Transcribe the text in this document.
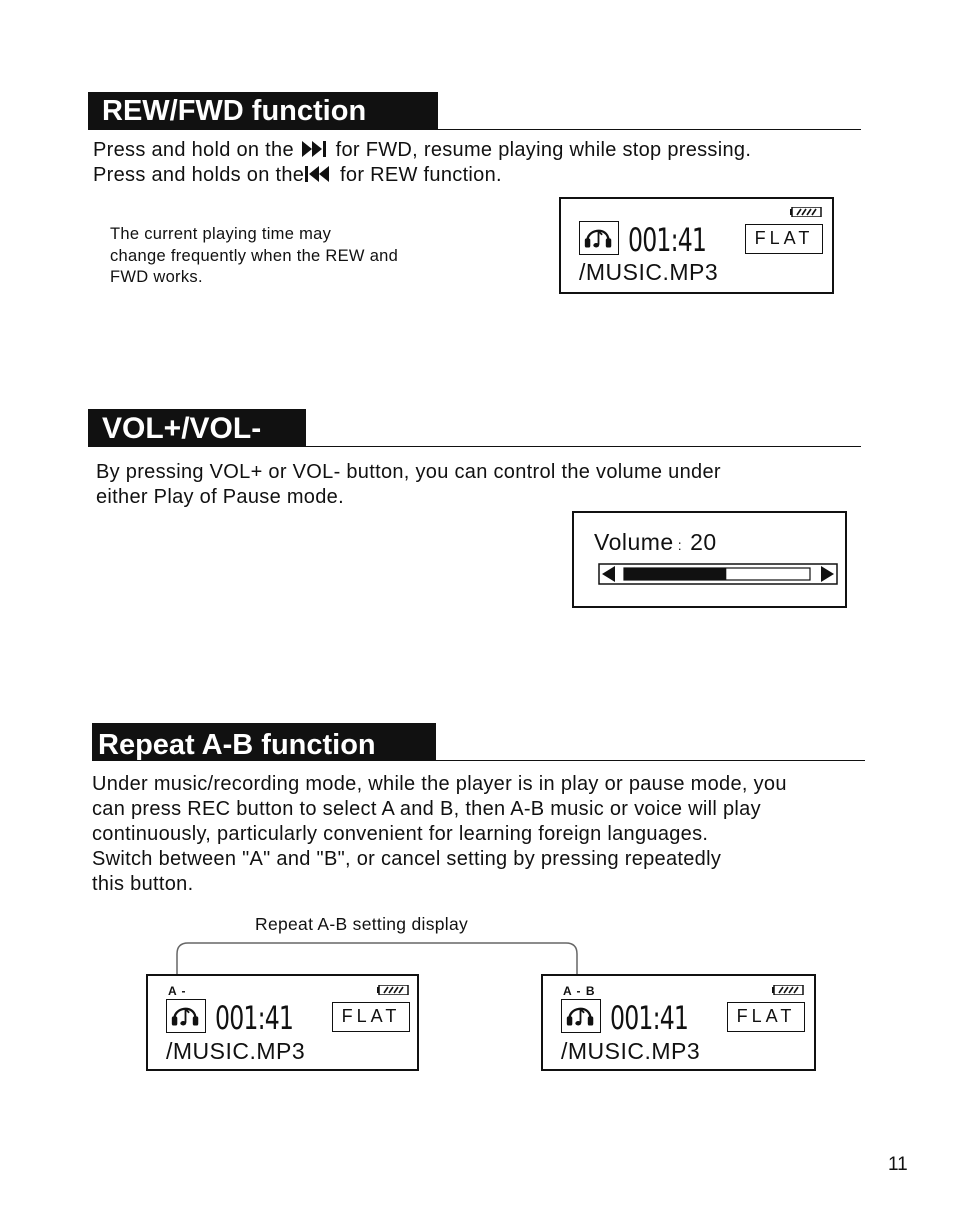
REW/FWD function
Press and hold on the for FWD, resume playing while stop pressing.
Press and holds on the for REW function.
The current playing time may
change frequently when the REW and
FWD works.
001:41	FLAT
/MUSIC.MP3
VOL+/VOL-
By pressing VOL+ or VOL- button, you can control the volume under
either Play of Pause mode.
Volume : 20
Repeat A-B function
Under music/recording mode, while the player is in play or pause mode, you
can press REC button to select A and B, then A-B music or voice will play
continuously, particularly convenient for learning foreign languages.
Switch between "A" and "B", or cancel setting by pressing repeatedly
this button.
Repeat A-B setting display
A -
001:41	FLAT
/MUSIC.MP3
A - B
001:41	FLAT
/MUSIC.MP3
11
